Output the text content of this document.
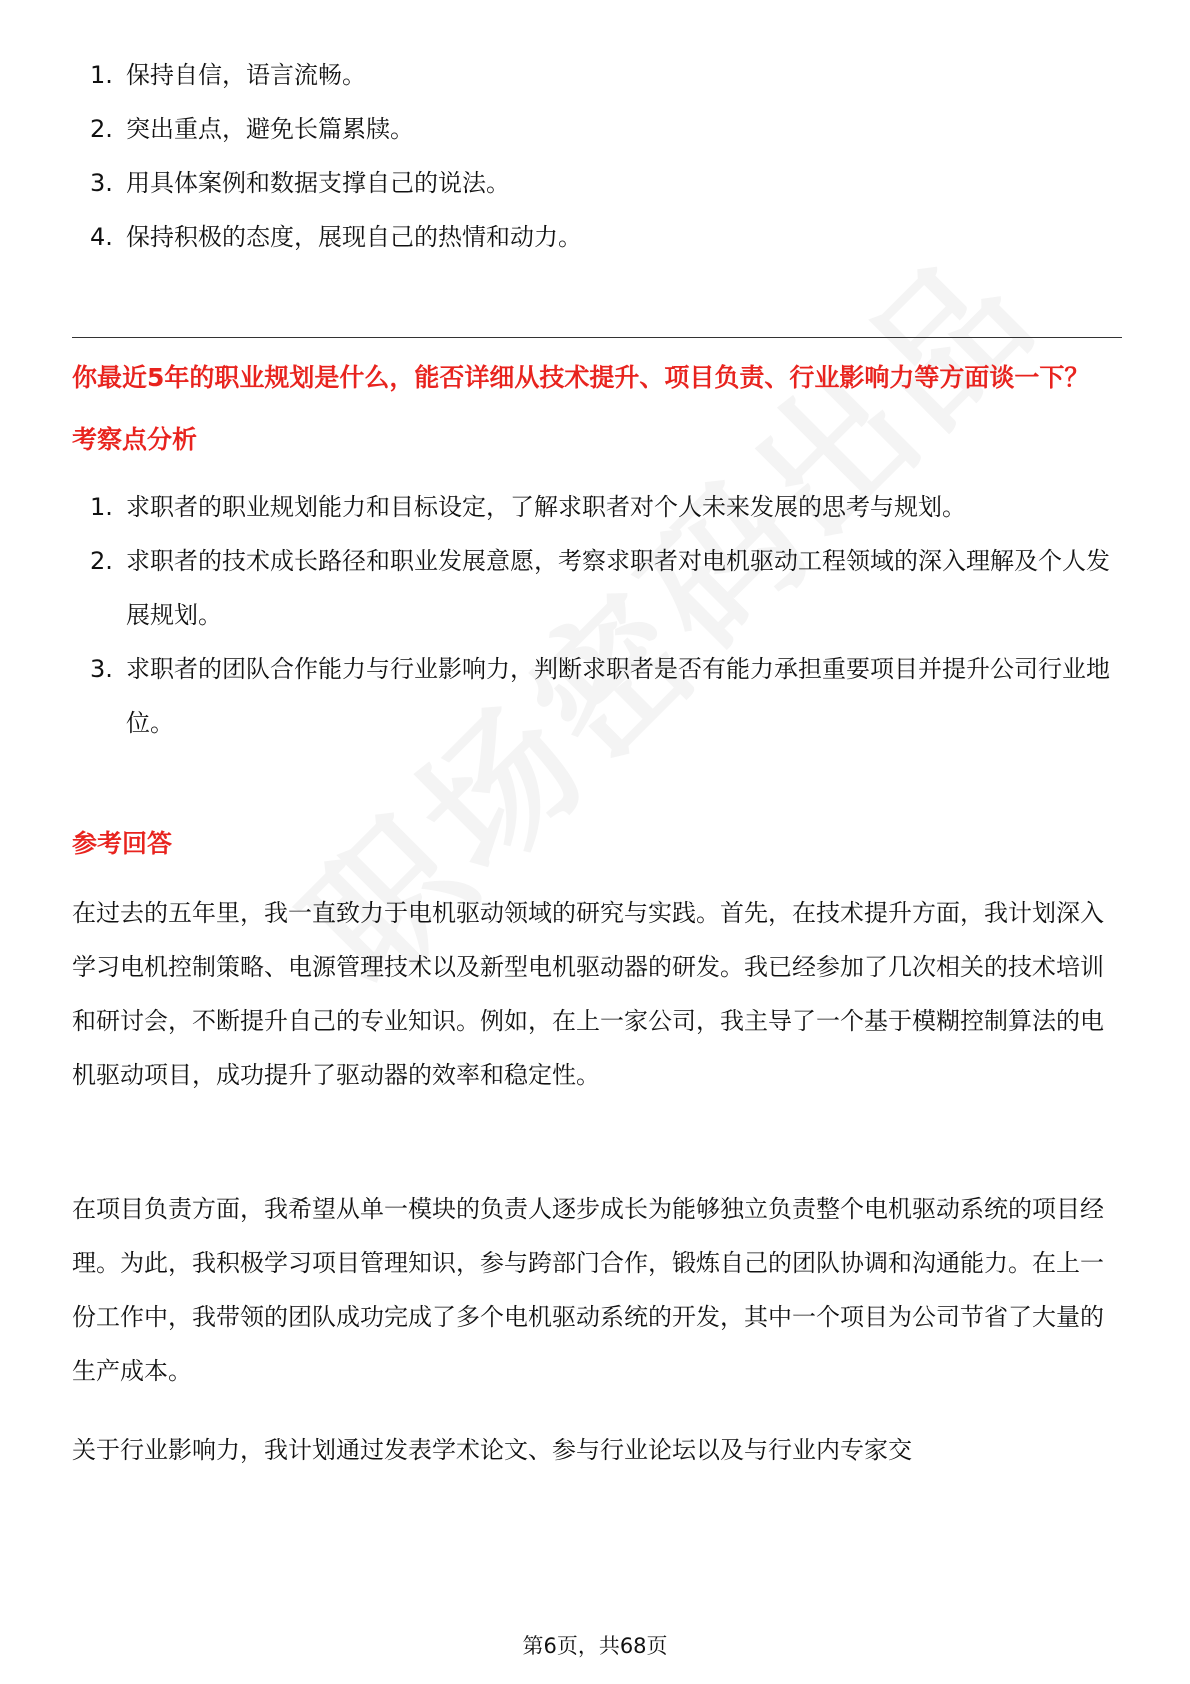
1. 保持自信，语言流畅。
2. 突出重点，避免长篇累牍。
3. 用具体案例和数据支撑自己的说法。
4. 保持积极的态度，展现自己的热情和动力。
你最近5年的职业规划是什么，能否详细从技术提升、项目负责、行业影响力等方面谈一下？
考察点分析
1. 求职者的职业规划能力和目标设定，了解求职者对个人未来发展的思考与规划。
2. 求职者的技术成长路径和职业发展意愿，考察求职者对电机驱动工程领域的深入理解及个人发展规划。
3. 求职者的团队合作能力与行业影响力，判断求职者是否有能力承担重要项目并提升公司行业地位。
参考回答

在过去的五年里，我一直致力于电机驱动领域的研究与实践。首先，在技术提升方面，我计划深入学习电机控制策略、电源管理技术以及新型电机驱动器的研发。我已经参加了几次相关的技术培训和研讨会，不断提升自己的专业知识。例如，在上一家公司，我主导了一个基于模糊控制算法的电机驱动项目，成功提升了驱动器的效率和稳定性。

在项目负责方面，我希望从单一模块的负责人逐步成长为能够独立负责整个电机驱动系统的项目经理。为此，我积极学习项目管理知识，参与跨部门合作，锻炼自己的团队协调和沟通能力。在上一份工作中，我带领的团队成功完成了多个电机驱动系统的开发，其中一个项目为公司节省了大量的生产成本。

关于行业影响力，我计划通过发表学术论文、参与行业论坛以及与行业内专家交

第6页，共68页
